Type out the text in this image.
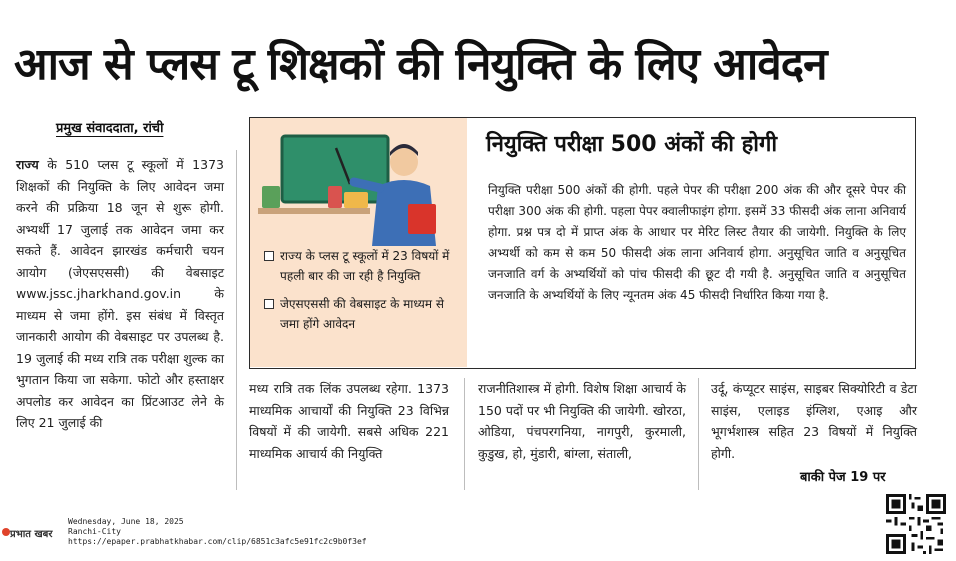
आज से प्लस टू शिक्षकों की नियुक्ति के लिए आवेदन
प्रमुख संवाददाता, रांची
राज्य के 510 प्लस टू स्कूलों में 1373 शिक्षकों की नियुक्ति के लिए आवेदन जमा करने की प्रक्रिया 18 जून से शुरू होगी. अभ्यर्थी 17 जुलाई तक आवेदन जमा कर सकते हैं. आवेदन झारखंड कर्मचारी चयन आयोग (जेएसएससी) की वेबसाइट www.jssc.jharkhand.gov.in के माध्यम से जमा होंगे. इस संबंध में विस्तृत जानकारी आयोग की वेबसाइट पर उपलब्ध है. 19 जुलाई की मध्य रात्रि तक परीक्षा शुल्क का भुगतान किया जा सकेगा. फोटो और हस्ताक्षर अपलोड कर आवेदन का प्रिंटआउट लेने के लिए 21 जुलाई की
राज्य के प्लस टू स्कूलों में 23 विषयों में पहली बार की जा रही है नियुक्ति
जेएसएससी की वेबसाइट के माध्यम से जमा होंगे आवेदन
नियुक्ति परीक्षा 500 अंकों की होगी
नियुक्ति परीक्षा 500 अंकों की होगी. पहले पेपर की परीक्षा 200 अंक की और दूसरे पेपर की परीक्षा 300 अंक की होगी. पहला पेपर क्वालीफाइंग होगा. इसमें 33 फीसदी अंक लाना अनिवार्य होगा. प्रश्न पत्र दो में प्राप्त अंक के आधार पर मेरिट लिस्ट तैयार की जायेगी. नियुक्ति के लिए अभ्यर्थी को कम से कम 50 फीसदी अंक लाना अनिवार्य होगा. अनुसूचित जाति व अनुसूचित जनजाति वर्ग के अभ्यर्थियों को पांच फीसदी की छूट दी गयी है. अनुसूचित जाति व अनुसूचित जनजाति के अभ्यर्थियों के लिए न्यूनतम अंक 45 फीसदी निर्धारित किया गया है.
मध्य रात्रि तक लिंक उपलब्ध रहेगा. 1373 माध्यमिक आचार्यों की नियुक्ति 23 विभिन्न विषयों में की जायेगी. सबसे अधिक 221 माध्यमिक आचार्य की नियुक्ति
राजनीतिशास्त्र में होगी. विशेष शिक्षा आचार्य के 150 पदों पर भी नियुक्ति की जायेगी. खोरठा, ओडिया, पंचपरगनिया, नागपुरी, कुरमाली, कुडुख, हो, मुंडारी, बांग्ला, संताली,
उर्दू, कंप्यूटर साइंस, साइबर सिक्योरिटी व डेटा साइंस, एलाइड इंग्लिश, एआइ और भूगर्भशास्त्र सहित 23 विषयों में नियुक्ति होगी.
बाकी पेज 19 पर
प्रभात खबर
Wednesday, June 18, 2025
Ranchi-City
https://epaper.prabhatkhabar.com/clip/6851c3afc5e91fc2c9b0f3ef
